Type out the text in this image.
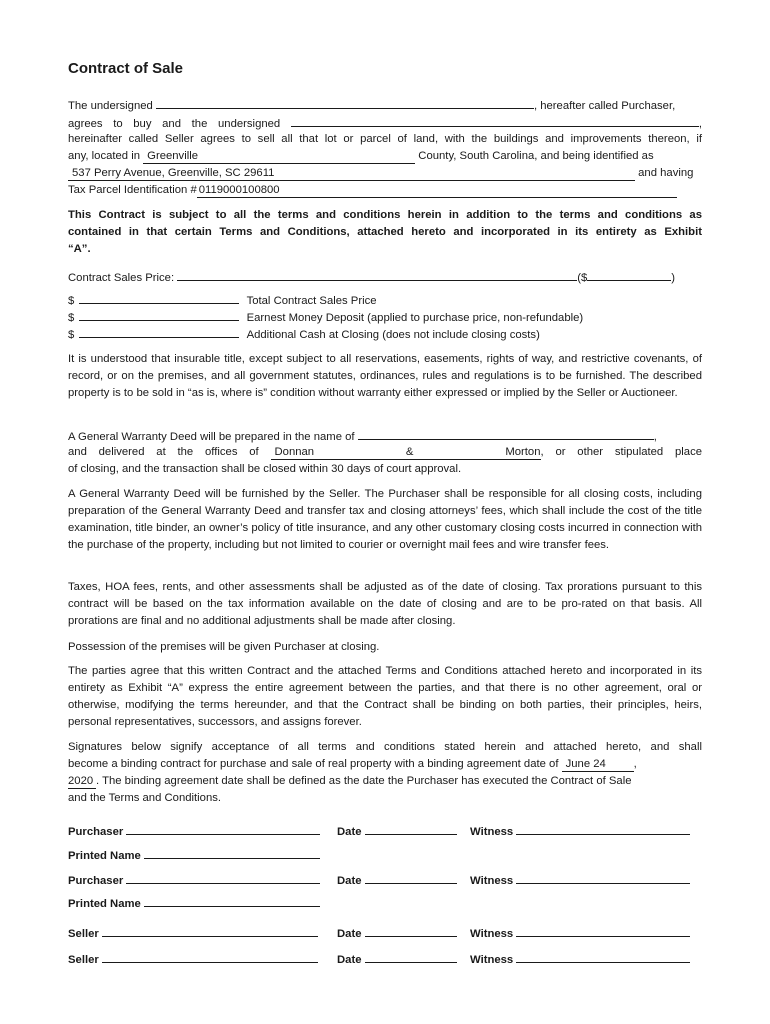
Contract of Sale
The undersigned	, hereafter called Purchaser,
agrees to buy and the undersigned	,
hereinafter called Seller agrees to sell all that lot or parcel of land, with the buildings and improvements thereon, if
any, located in Greenville	County, South Carolina, and being identified as
537 Perry Avenue, Greenville, SC 29611	and having
Tax Parcel Identification # 0119000100800
This Contract is subject to all the terms and conditions herein in addition to the terms and conditions as
contained in that certain Terms and Conditions, attached hereto and incorporated in its entirety as Exhibit
“A”.
Contract Sales Price:	($	)
$	Total Contract Sales Price
$	Earnest Money Deposit (applied to purchase price, non-refundable)
$	Additional Cash at Closing (does not include closing costs)
It is understood that insurable title, except subject to all reservations, easements, rights of way, and restrictive covenants, of record, or on the premises, and all government statutes, ordinances, rules and regulations is to be furnished. The described property is to be sold in “as is, where is” condition without warranty either expressed or implied by the Seller or Auctioneer.
A General Warranty Deed will be prepared in the name of	,
and delivered at the offices of Donnan & Morton, or other stipulated place
of closing, and the transaction shall be closed within 30 days of court approval.
A General Warranty Deed will be furnished by the Seller. The Purchaser shall be responsible for all closing costs, including preparation of the General Warranty Deed and transfer tax and closing attorneys’ fees, which shall include the cost of the title examination, title binder, an owner’s policy of title insurance, and any other customary closing costs incurred in connection with the purchase of the property, including but not limited to courier or overnight mail fees and wire transfer fees.
Taxes, HOA fees, rents, and other assessments shall be adjusted as of the date of closing. Tax prorations pursuant to this contract will be based on the tax information available on the date of closing and are to be pro-rated on that basis. All prorations are final and no additional adjustments shall be made after closing.
Possession of the premises will be given Purchaser at closing.
The parties agree that this written Contract and the attached Terms and Conditions attached hereto and incorporated in its entirety as Exhibit “A” express the entire agreement between the parties, and that there is no other agreement, oral or otherwise, modifying the terms hereunder, and that the Contract shall be binding on both parties, their principles, heirs, personal representatives, successors, and assigns forever.
Signatures below signify acceptance of all terms and conditions stated herein and attached hereto, and shall
become a binding contract for purchase and sale of real property with a binding agreement date of June 24 ,
2020 . The binding agreement date shall be defined as the date the Purchaser has executed the Contract of Sale
and the Terms and Conditions.
Purchaser	Date	Witness
Printed Name
Purchaser	Date	Witness
Printed Name
Seller	Date	Witness
Seller	Date	Witness
